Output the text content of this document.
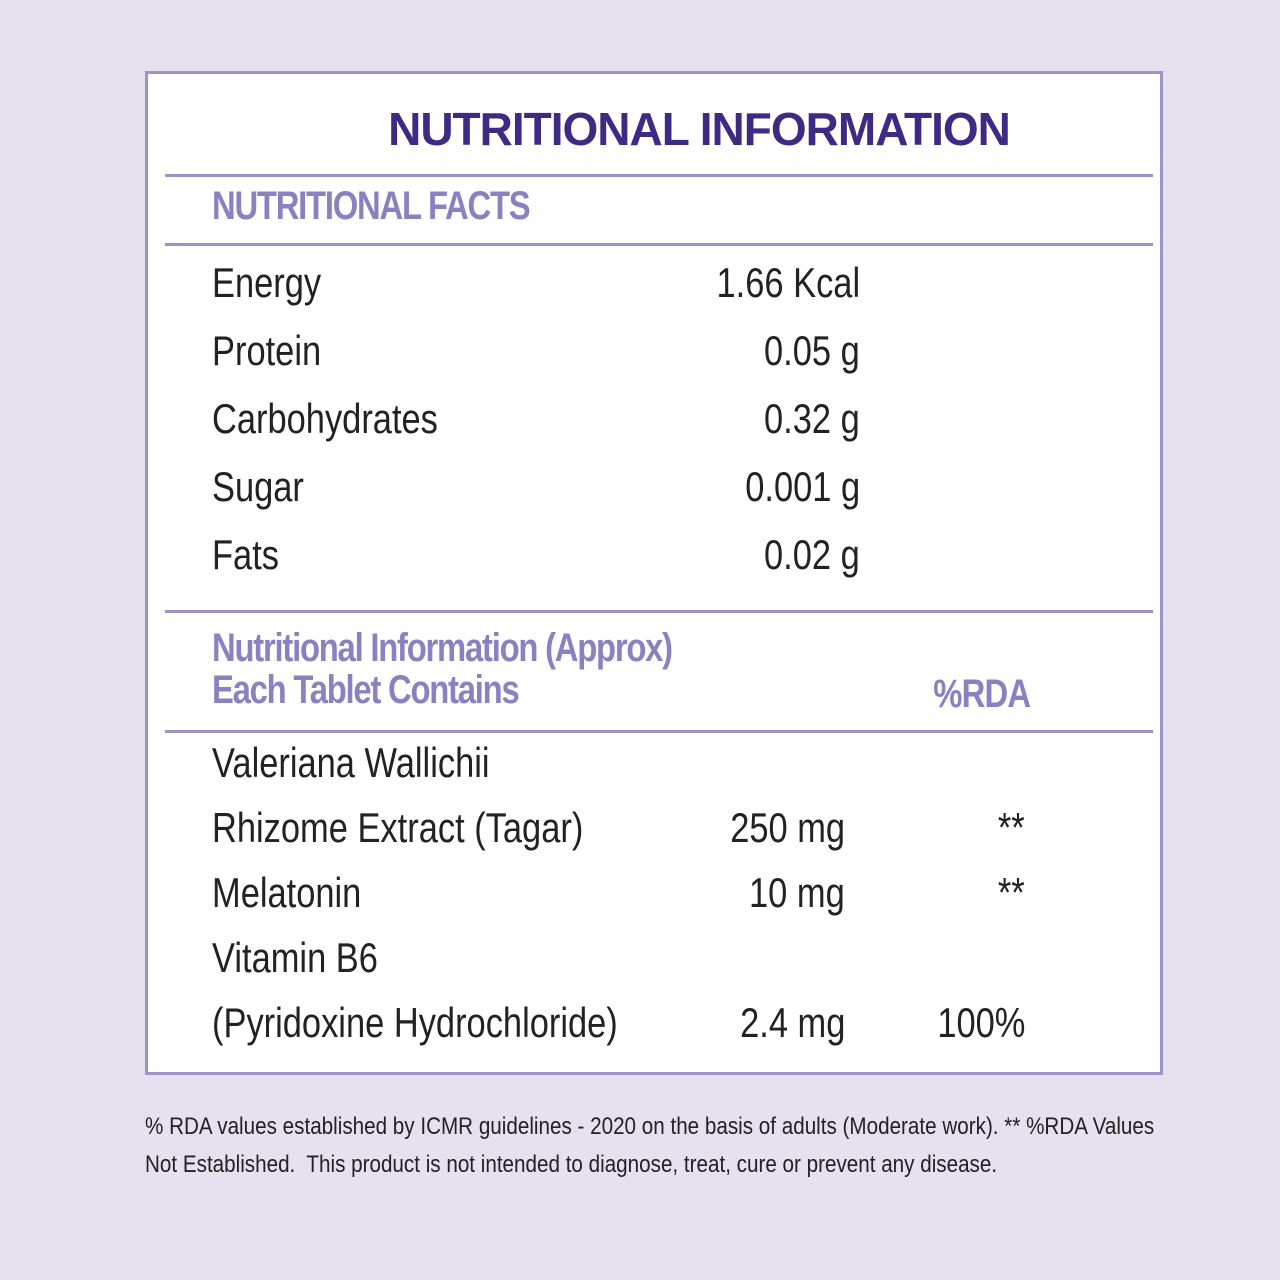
NUTRITIONAL INFORMATION
NUTRITIONAL FACTS
Energy	1.66 Kcal
Protein	0.05 g
Carbohydrates	0.32 g
Sugar	0.001 g
Fats	0.02 g
Nutritional Information (Approx)
Each Tablet Contains	%RDA
Valeriana Wallichii
Rhizome Extract (Tagar)	250 mg	**
Melatonin	10 mg	**
Vitamin B6
(Pyridoxine Hydrochloride)	2.4 mg 100%
% RDA values established by ICMR guidelines - 2020 on the basis of adults (Moderate work). ** %RDA Values
Not Established.  This product is not intended to diagnose, treat, cure or prevent any disease.
